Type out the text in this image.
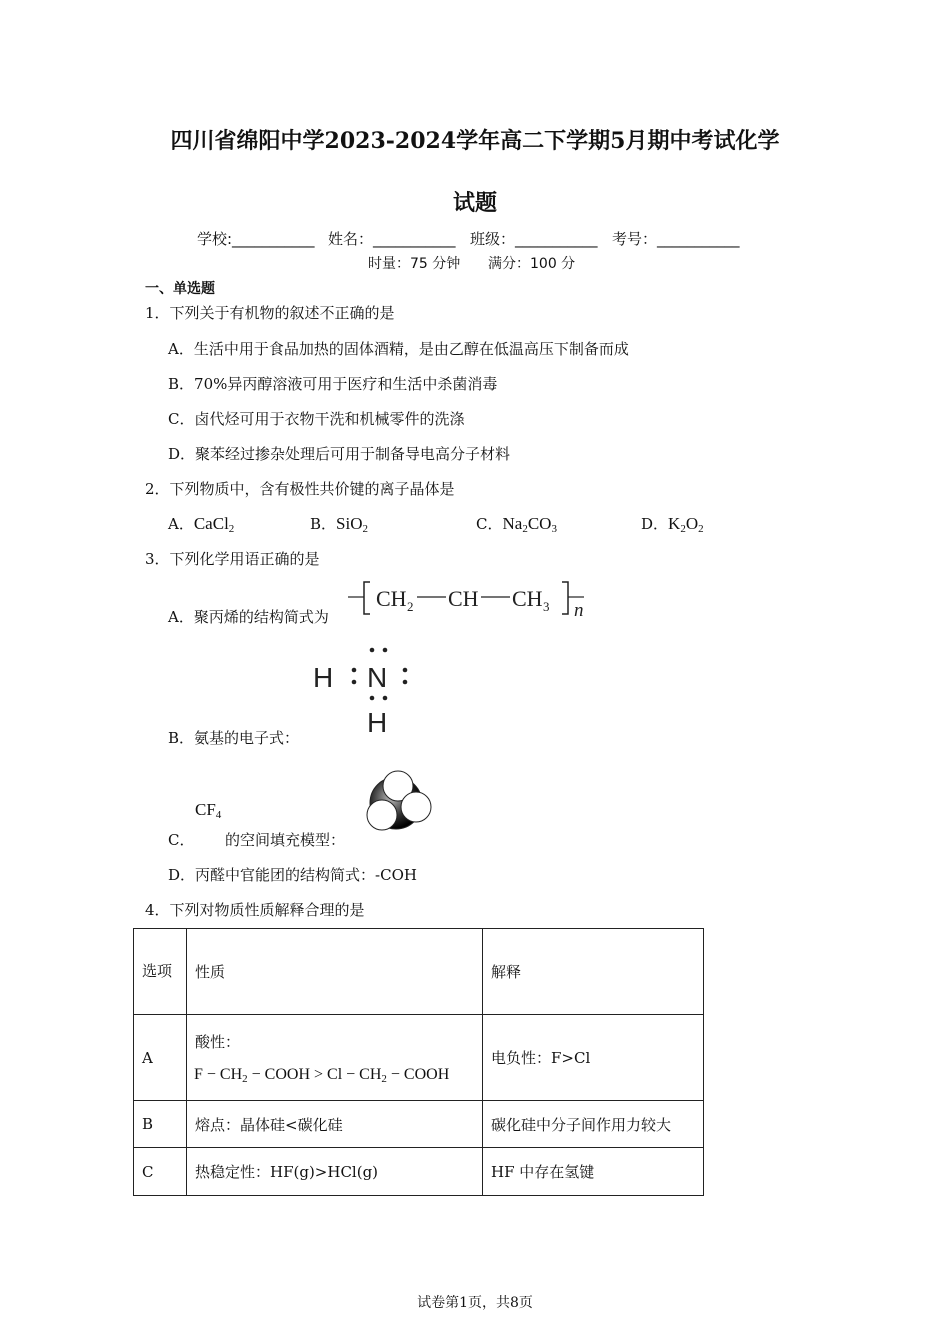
四川省绵阳中学2023-2024学年高二下学期5月期中考试化学
试题
学校:___________ 姓名：___________ 班级：___________ 考号：___________
时量：75 分钟 满分：100 分
一、单选题
1．下列关于有机物的叙述不正确的是
A．生活中用于食品加热的固体酒精，是由乙醇在低温高压下制备而成
B．70%异丙醇溶液可用于医疗和生活中杀菌消毒
C．卤代烃可用于衣物干洗和机械零件的洗涤
D．聚苯经过掺杂处理后可用于制备导电高分子材料
2．下列物质中，含有极性共价键的离子晶体是
A．CaCl$_2$	B．SiO$_2$	C．$Na_2CO_3$	D．$K_2O_2$
3．下列化学用语正确的是
A．聚丙烯的结构简式为
CH 2 CH CH 3 n
H N
H
B．氨基的电子式：
$CF_4$
C． 的空间填充模型：
D．丙醛中官能团的结构简式：-COH
4．下列对物质性质解释合理的是
选项	性质	解释
A	酸性：
$F - CH_2$ − COOH > $Cl - CH_2$ − COOH	电负性：F>Cl
B	熔点：晶体硅<碳化硅	碳化硅中分子间作用力较大
C	热稳定性：HF(g)>HCl(g)	HF 中存在氢键
试卷第1页，共8页
